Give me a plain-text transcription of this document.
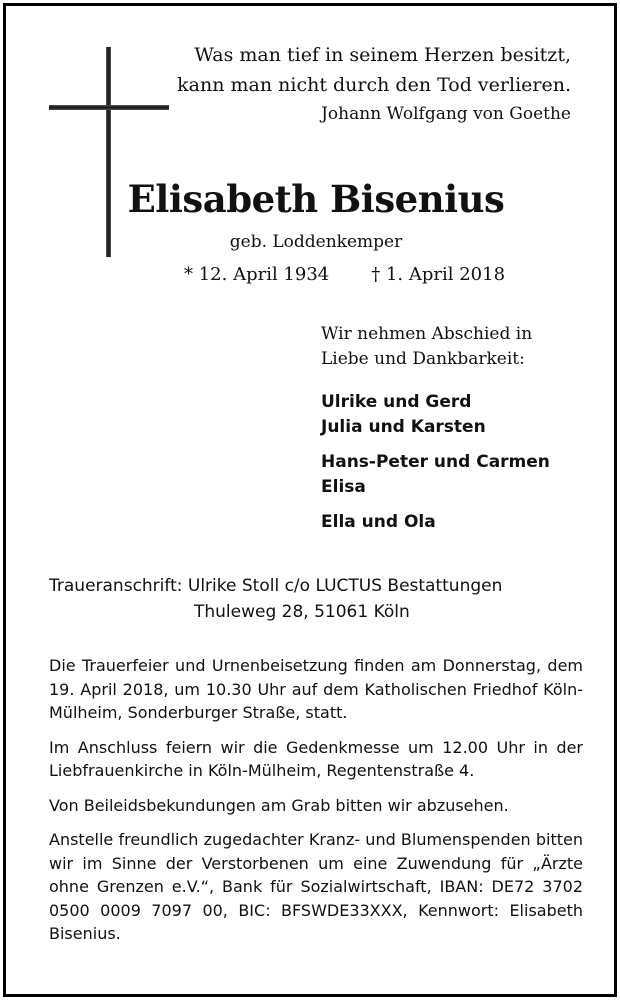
Was man tief in seinem Herzen besitzt,
kann man nicht durch den Tod verlieren.
Johann Wolfgang von Goethe
Elisabeth Bisenius
geb. Loddenkemper
* 12. April 1934 † 1. April 2018
Wir nehmen Abschied in
Liebe und Dankbarkeit:
Ulrike und Gerd
Julia und Karsten
Hans-Peter und Carmen
Elisa
Ella und Ola
Traueranschrift: Ulrike Stoll c/o LUCTUS Bestattungen
Thuleweg 28, 51061 Köln

Die Trauerfeier und Urnenbeisetzung finden am Donnerstag, dem 19. April 2018, um 10.30 Uhr auf dem Katholischen Friedhof Köln-Mülheim, Sonderburger Straße, statt.

Im Anschluss feiern wir die Gedenkmesse um 12.00 Uhr in der Liebfrauenkirche in Köln-Mülheim, Regentenstraße 4.

Von Beileidsbekundungen am Grab bitten wir abzusehen.

Anstelle freundlich zugedachter Kranz- und Blumenspenden bitten wir im Sinne der Verstorbenen um eine Zuwendung für „Ärzte ohne Grenzen e.V.“, Bank für Sozialwirtschaft, IBAN: DE72 3702 0500 0009 7097 00, BIC: BFSWDE33XXX, Kennwort: Elisabeth Bisenius.
